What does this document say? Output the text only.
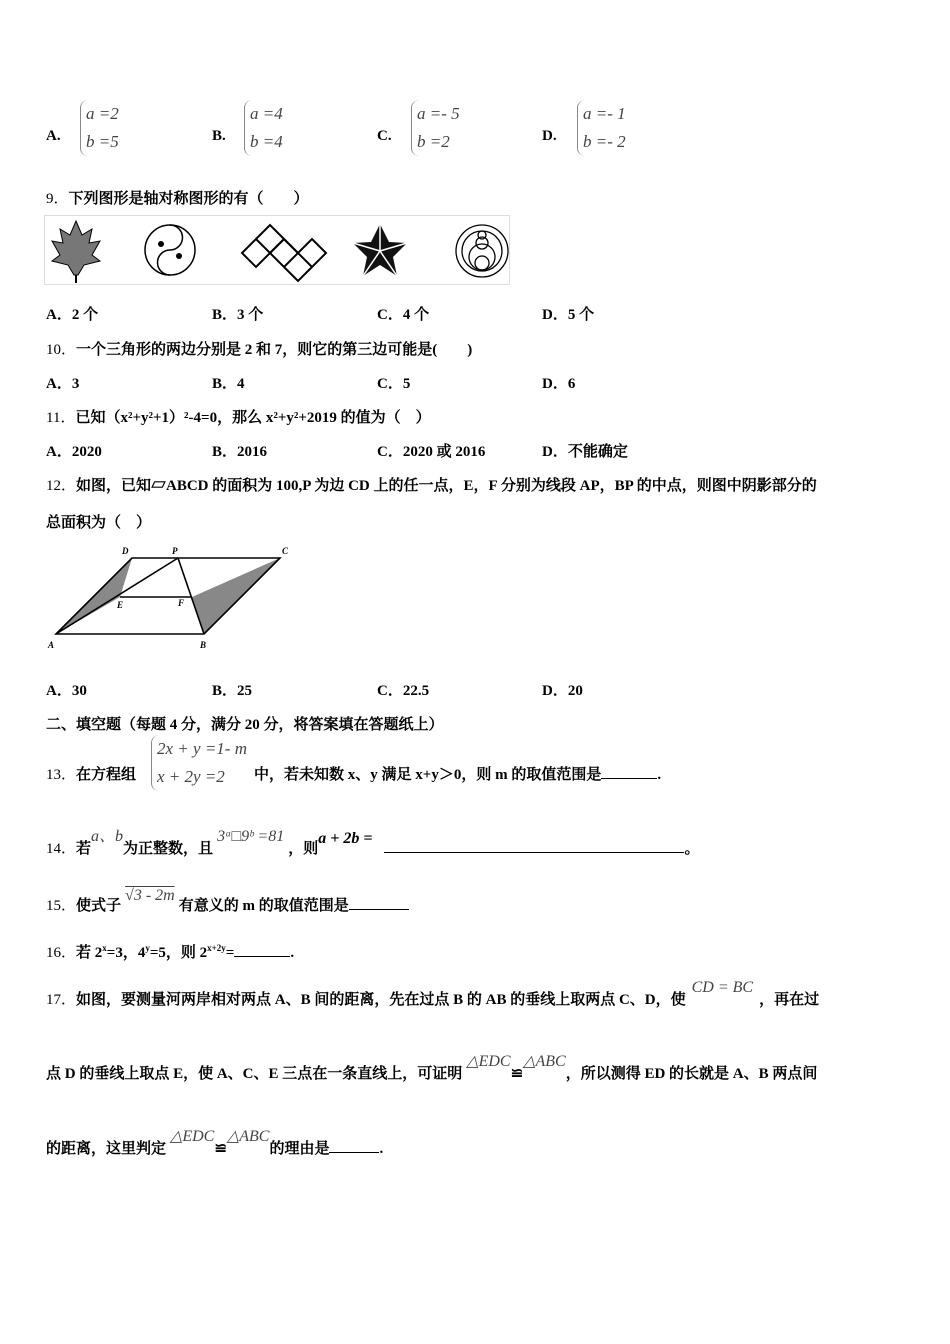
A.
a =2
b =5	B.
a =4
b =4	C.
a =- 5
b =2	D.
a =- 1
b =- 2
9．下列图形是轴对称图形的有（　　）
A．2 个	B．3 个	C．4 个	D．5 个
10．一个三角形的两边分别是 2 和 7，则它的第三边可能是(　　)
A．3	B．4	C．5	D．6
11．已知（x²+y²+1）²-4=0，那么 x²+y²+2019 的值为（　）
A．2020	B．2016	C．2020 或 2016	D．不能确定
12．如图，已知▱ABCD 的面积为 100,P 为边 CD 上的任一点，E，F 分别为线段 AP，BP 的中点，则图中阴影部分的
总面积为（　）
A	B
C
D	P
E	F
A．30	B．25	C．22.5	D．20
二、填空题（每题 4 分，满分 20 分，将答案填在答题纸上）
13．在方程组	中，若未知数 x、y 满足 x+y＞0，则 m 的取值范围是	.
2x + y =1- m
x + 2y =2
14．若a、b为正整数，且3ᵃ□9ᵇ =81，则a + 2b =。
15．使式子√3 - 2m有意义的 m 的取值范围是
16．若 $2^x=3$，$4^y=5$，则 $2^{x+2y}=$	.
17．如图，要测量河两岸相对两点 A、B 间的距离，先在过点 B 的 AB 的垂线上取两点 C、D，使CD = BC，再在过
点 D 的垂线上取点 E，使 A、C、E 三点在一条直线上，可证明△EDC≌△ABC，所以测得 ED 的长就是 A、B 两点间
的距离，这里判定△EDC≌△ABC的理由是	.
